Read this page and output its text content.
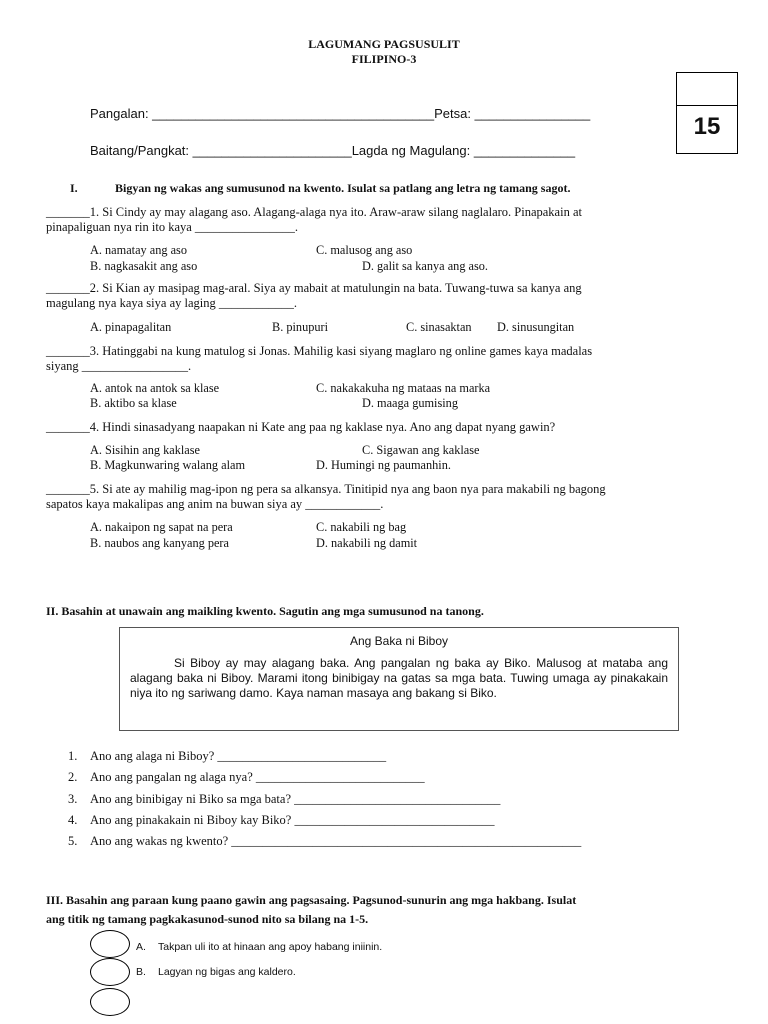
LAGUMANG PAGSUSULIT
FILIPINO-3
15
Pangalan: _______________________________________Petsa: ________________
Baitang/Pangkat: ______________________Lagda ng Magulang: ______________
I.	Bigyan ng wakas ang sumusunod na kwento. Isulat sa patlang ang letra ng tamang sagot.
_______1. Si Cindy ay may alagang aso. Alagang-alaga nya ito. Araw-araw silang naglalaro. Pinapakain at
pinapaliguan nya rin ito kaya ________________.
A. namatay ang aso	C. malusog ang aso
B. nagkasakit ang aso	D. galit sa kanya ang aso.
_______2. Si Kian ay masipag mag-aral. Siya ay mabait at matulungin na bata. Tuwang-tuwa sa kanya ang
magulang nya kaya siya ay laging ____________.
A. pinapagalitan	B. pinupuri	C. sinasaktan D. sinusungitan
_______3. Hatinggabi na kung matulog si Jonas. Mahilig kasi siyang maglaro ng online games kaya madalas
siyang _________________.
A. antok na antok sa klase	C. nakakakuha ng mataas na marka
B. aktibo sa klase	D. maaga gumising
_______4. Hindi sinasadyang naapakan ni Kate ang paa ng kaklase nya. Ano ang dapat nyang gawin?
A. Sisihin ang kaklase	C. Sigawan ang kaklase
B. Magkunwaring walang alam	D. Humingi ng paumanhin.
_______5. Si ate ay mahilig mag-ipon ng pera sa alkansya. Tinitipid nya ang baon nya para makabili ng bagong
sapatos kaya makalipas ang anim na buwan siya ay ____________.
A. nakaipon ng sapat na pera	C. nakabili ng bag
B. naubos ang kanyang pera	D. nakabili ng damit
II. Basahin at unawain ang maikling kwento. Sagutin ang mga sumusunod na tanong.
Ang Baka ni Biboy
Si Biboy ay may alagang baka. Ang pangalan ng baka ay Biko. Malusog at mataba ang alagang baka ni Biboy. Marami itong binibigay na gatas sa mga bata. Tuwing umaga ay pinakakain niya ito ng sariwang damo. Kaya naman masaya ang bakang si Biko.
1. Ano ang alaga ni Biboy? ___________________________
2. Ano ang pangalan ng alaga nya? ___________________________
3. Ano ang binibigay ni Biko sa mga bata? _________________________________
4. Ano ang pinakakain ni Biboy kay Biko? ________________________________
5. Ano ang wakas ng kwento? ________________________________________________________
III. Basahin ang paraan kung paano gawin ang pagsasaing. Pagsunod-sunurin ang mga hakbang. Isulat
ang titik ng tamang pagkakasunod-sunod nito sa bilang na 1-5.
A. Takpan uli ito at hinaan ang apoy habang iniinin.
B. Lagyan ng bigas ang kaldero.
